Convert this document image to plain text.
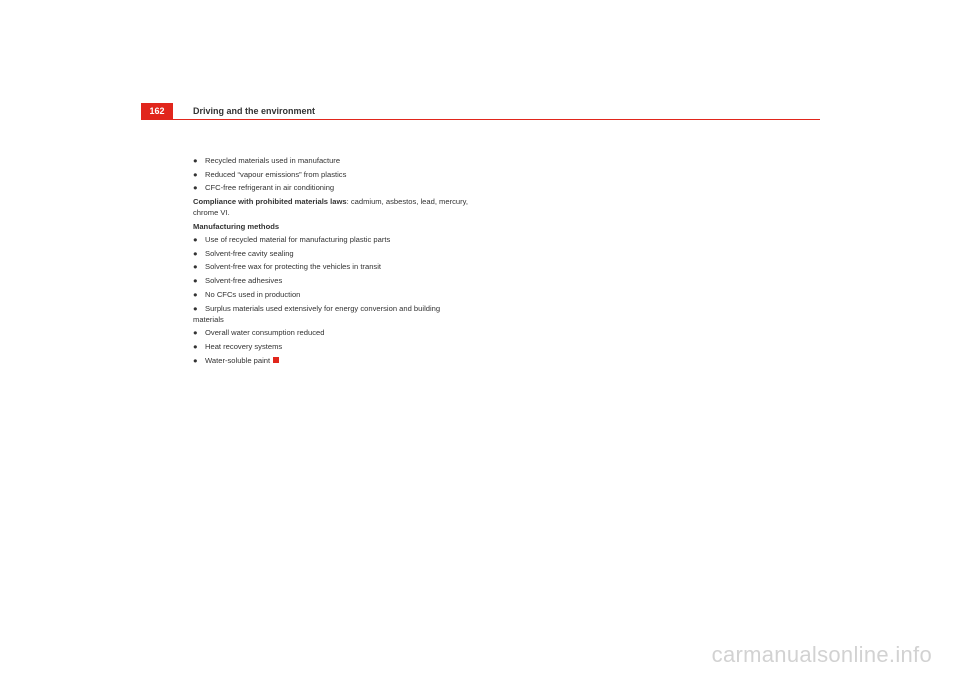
162	Driving and the environment
● Recycled materials used in manufacture
● Reduced “vapour emissions” from plastics
● CFC-free refrigerant in air conditioning
Compliance with prohibited materials laws: cadmium, asbestos, lead, mercury, chrome VI.
Manufacturing methods
● Use of recycled material for manufacturing plastic parts
● Solvent-free cavity sealing
● Solvent-free wax for protecting the vehicles in transit
● Solvent-free adhesives
● No CFCs used in production
●Surplus materials used extensively for energy conversion and building materials
● Overall water consumption reduced
● Heat recovery systems
● Water-soluble paint
carmanualsonline.info
